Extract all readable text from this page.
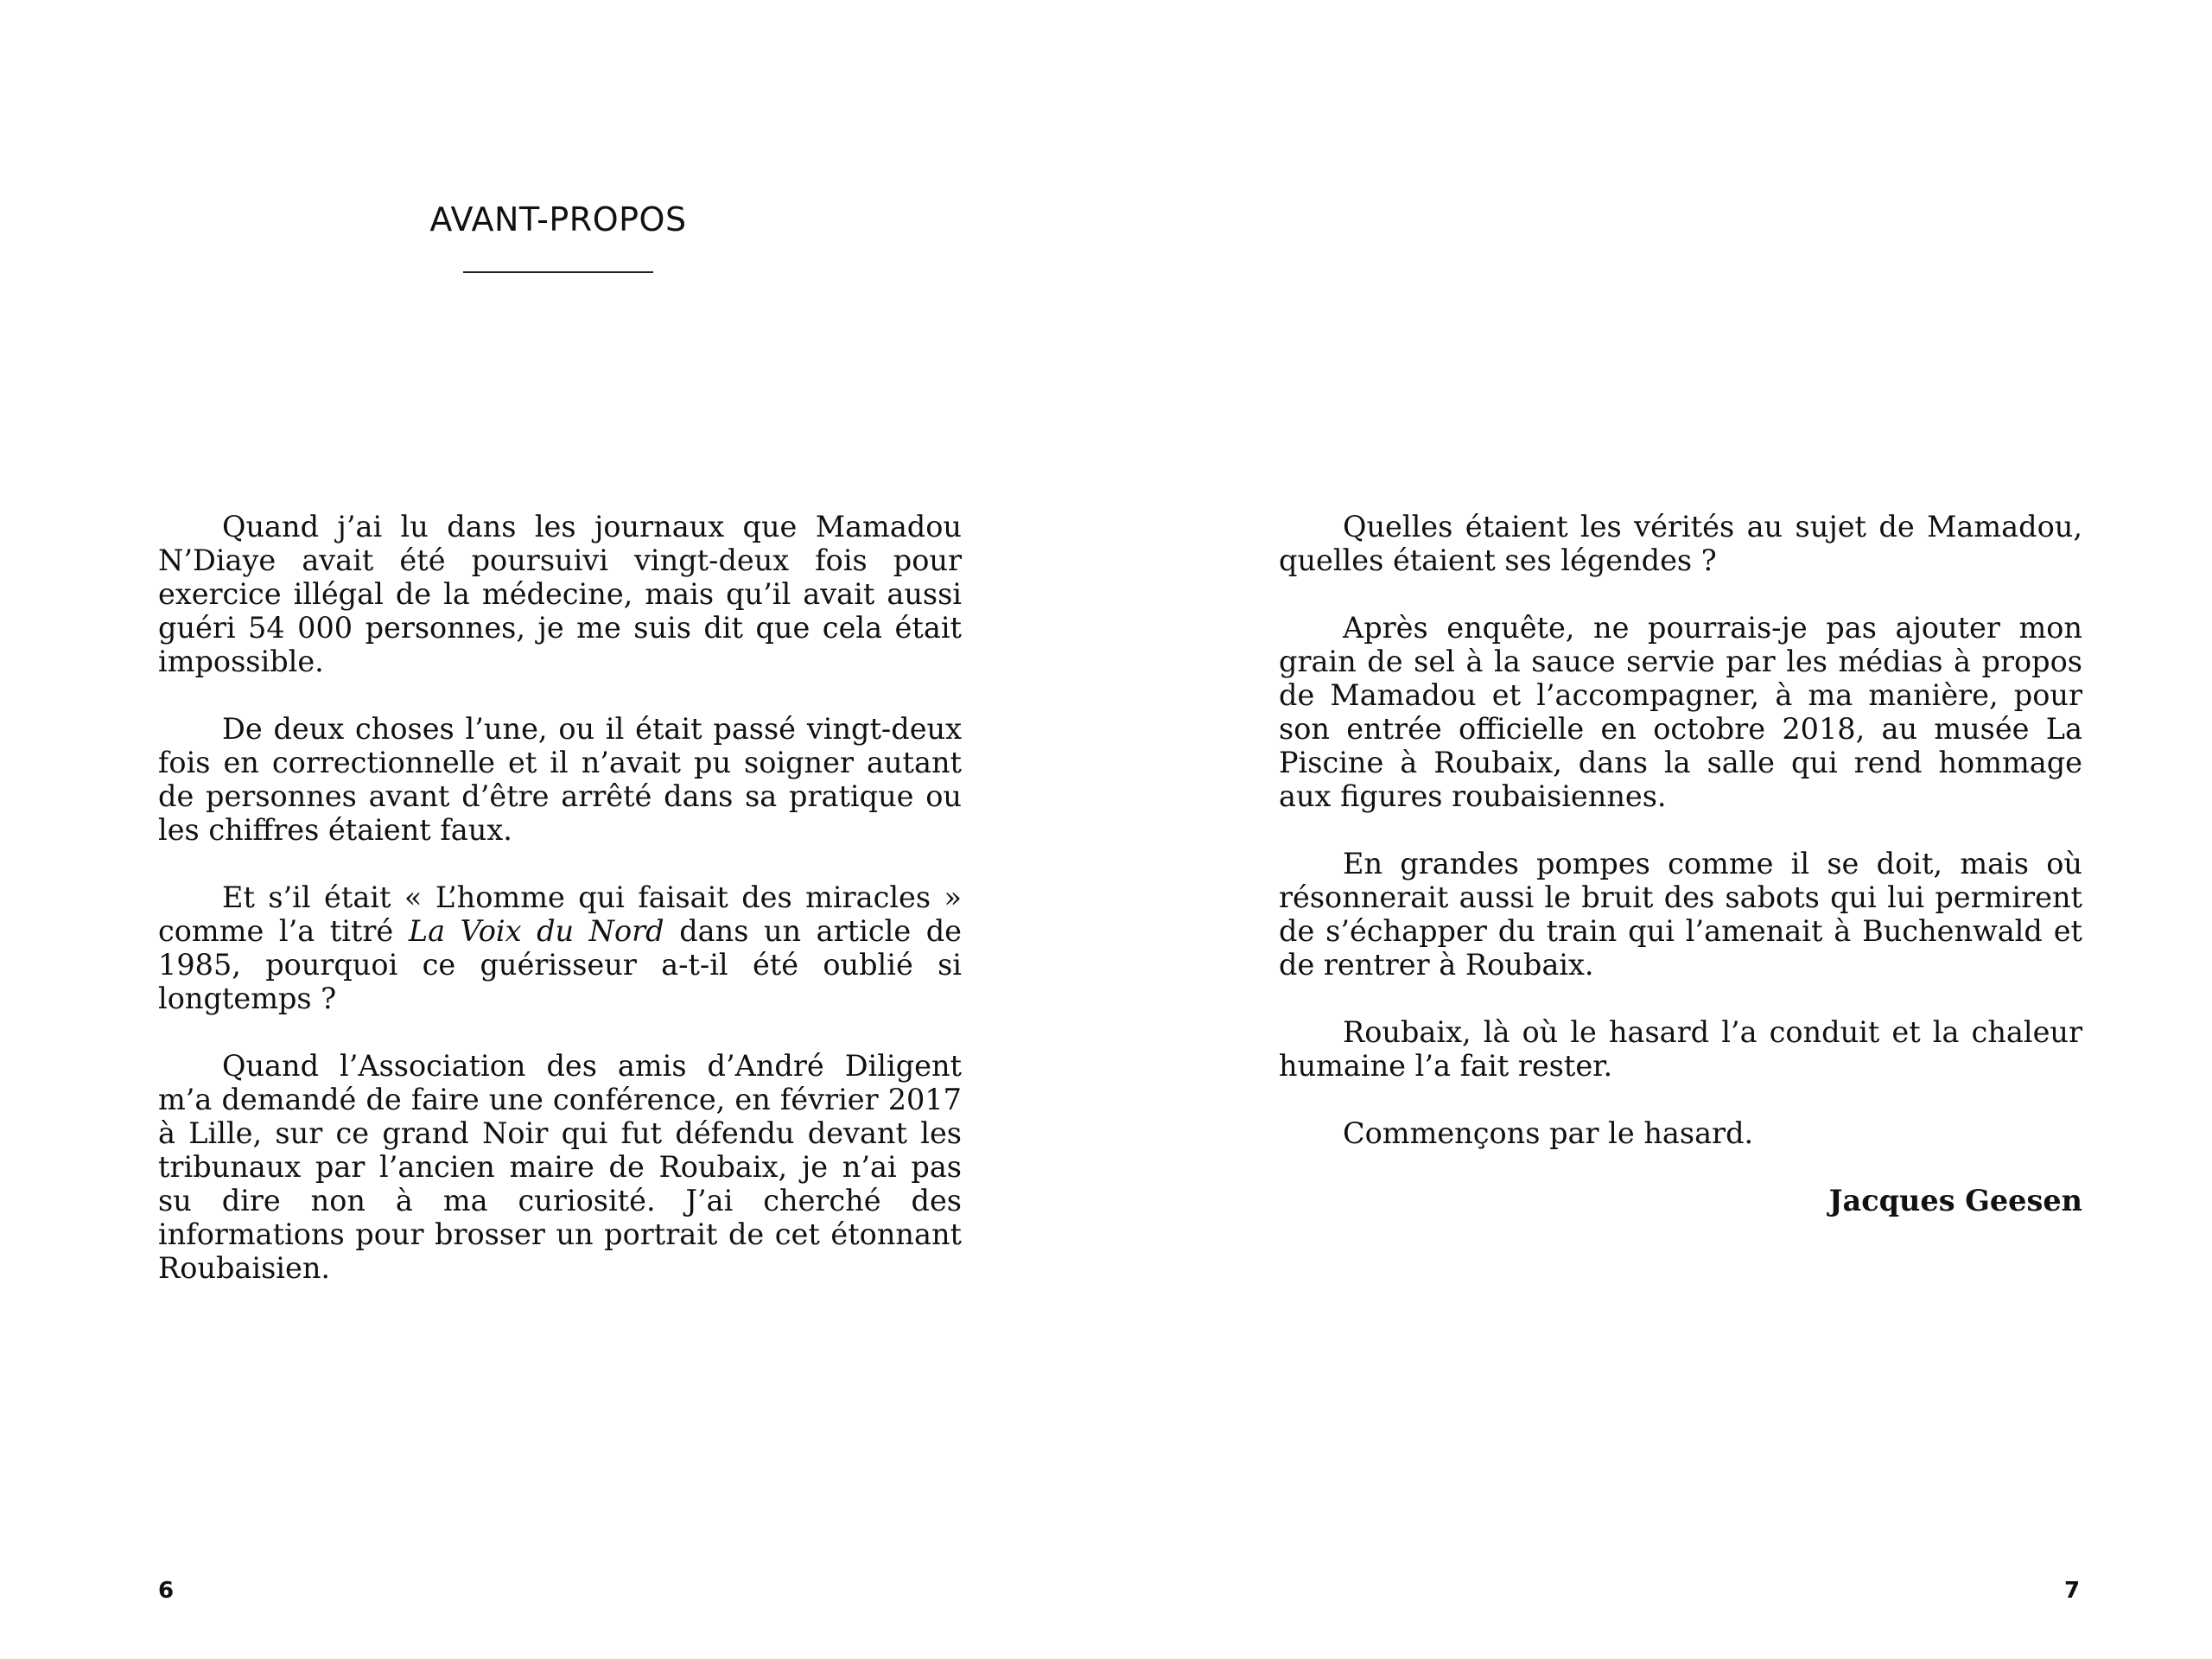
AVANT-PROPOS

Quand j’ai lu dans les journaux que Mamadou N’Diaye avait été poursuivi vingt-deux fois pour exercice illégal de la médecine, mais qu’il avait aussi guéri 54 000 personnes, je me suis dit que cela était impossible.

De deux choses l’une, ou il était passé vingt-deux fois en correctionnelle et il n’avait pu soigner autant de personnes avant d’être arrêté dans sa pratique ou les chiffres étaient faux.

Et s’il était « L’homme qui faisait des miracles » comme l’a titré La Voix du Nord dans un article de 1985, pourquoi ce guérisseur a-t-il été oublié si longtemps ?

Quand l’Association des amis d’André Diligent m’a demandé de faire une conférence, en février 2017 à Lille, sur ce grand Noir qui fut défendu devant les tribunaux par l’ancien maire de Roubaix, je n’ai pas su dire non à ma curiosité. J’ai cherché des informations pour brosser un portrait de cet étonnant Roubaisien.

6

Quelles étaient les vérités au sujet de Mamadou, quelles étaient ses légendes ?

Après enquête, ne pourrais-je pas ajouter mon grain de sel à la sauce servie par les médias à propos de Mamadou et l’accompagner, à ma manière, pour son entrée officielle en octobre 2018, au musée La Piscine à Roubaix, dans la salle qui rend hommage aux figures roubaisiennes.

En grandes pompes comme il se doit, mais où résonnerait aussi le bruit des sabots qui lui permirent de s’échapper du train qui l’amenait à Buchenwald et de rentrer à Roubaix.

Roubaix, là où le hasard l’a conduit et la chaleur humaine l’a fait rester.

Commençons par le hasard.

Jacques Geesen

7
